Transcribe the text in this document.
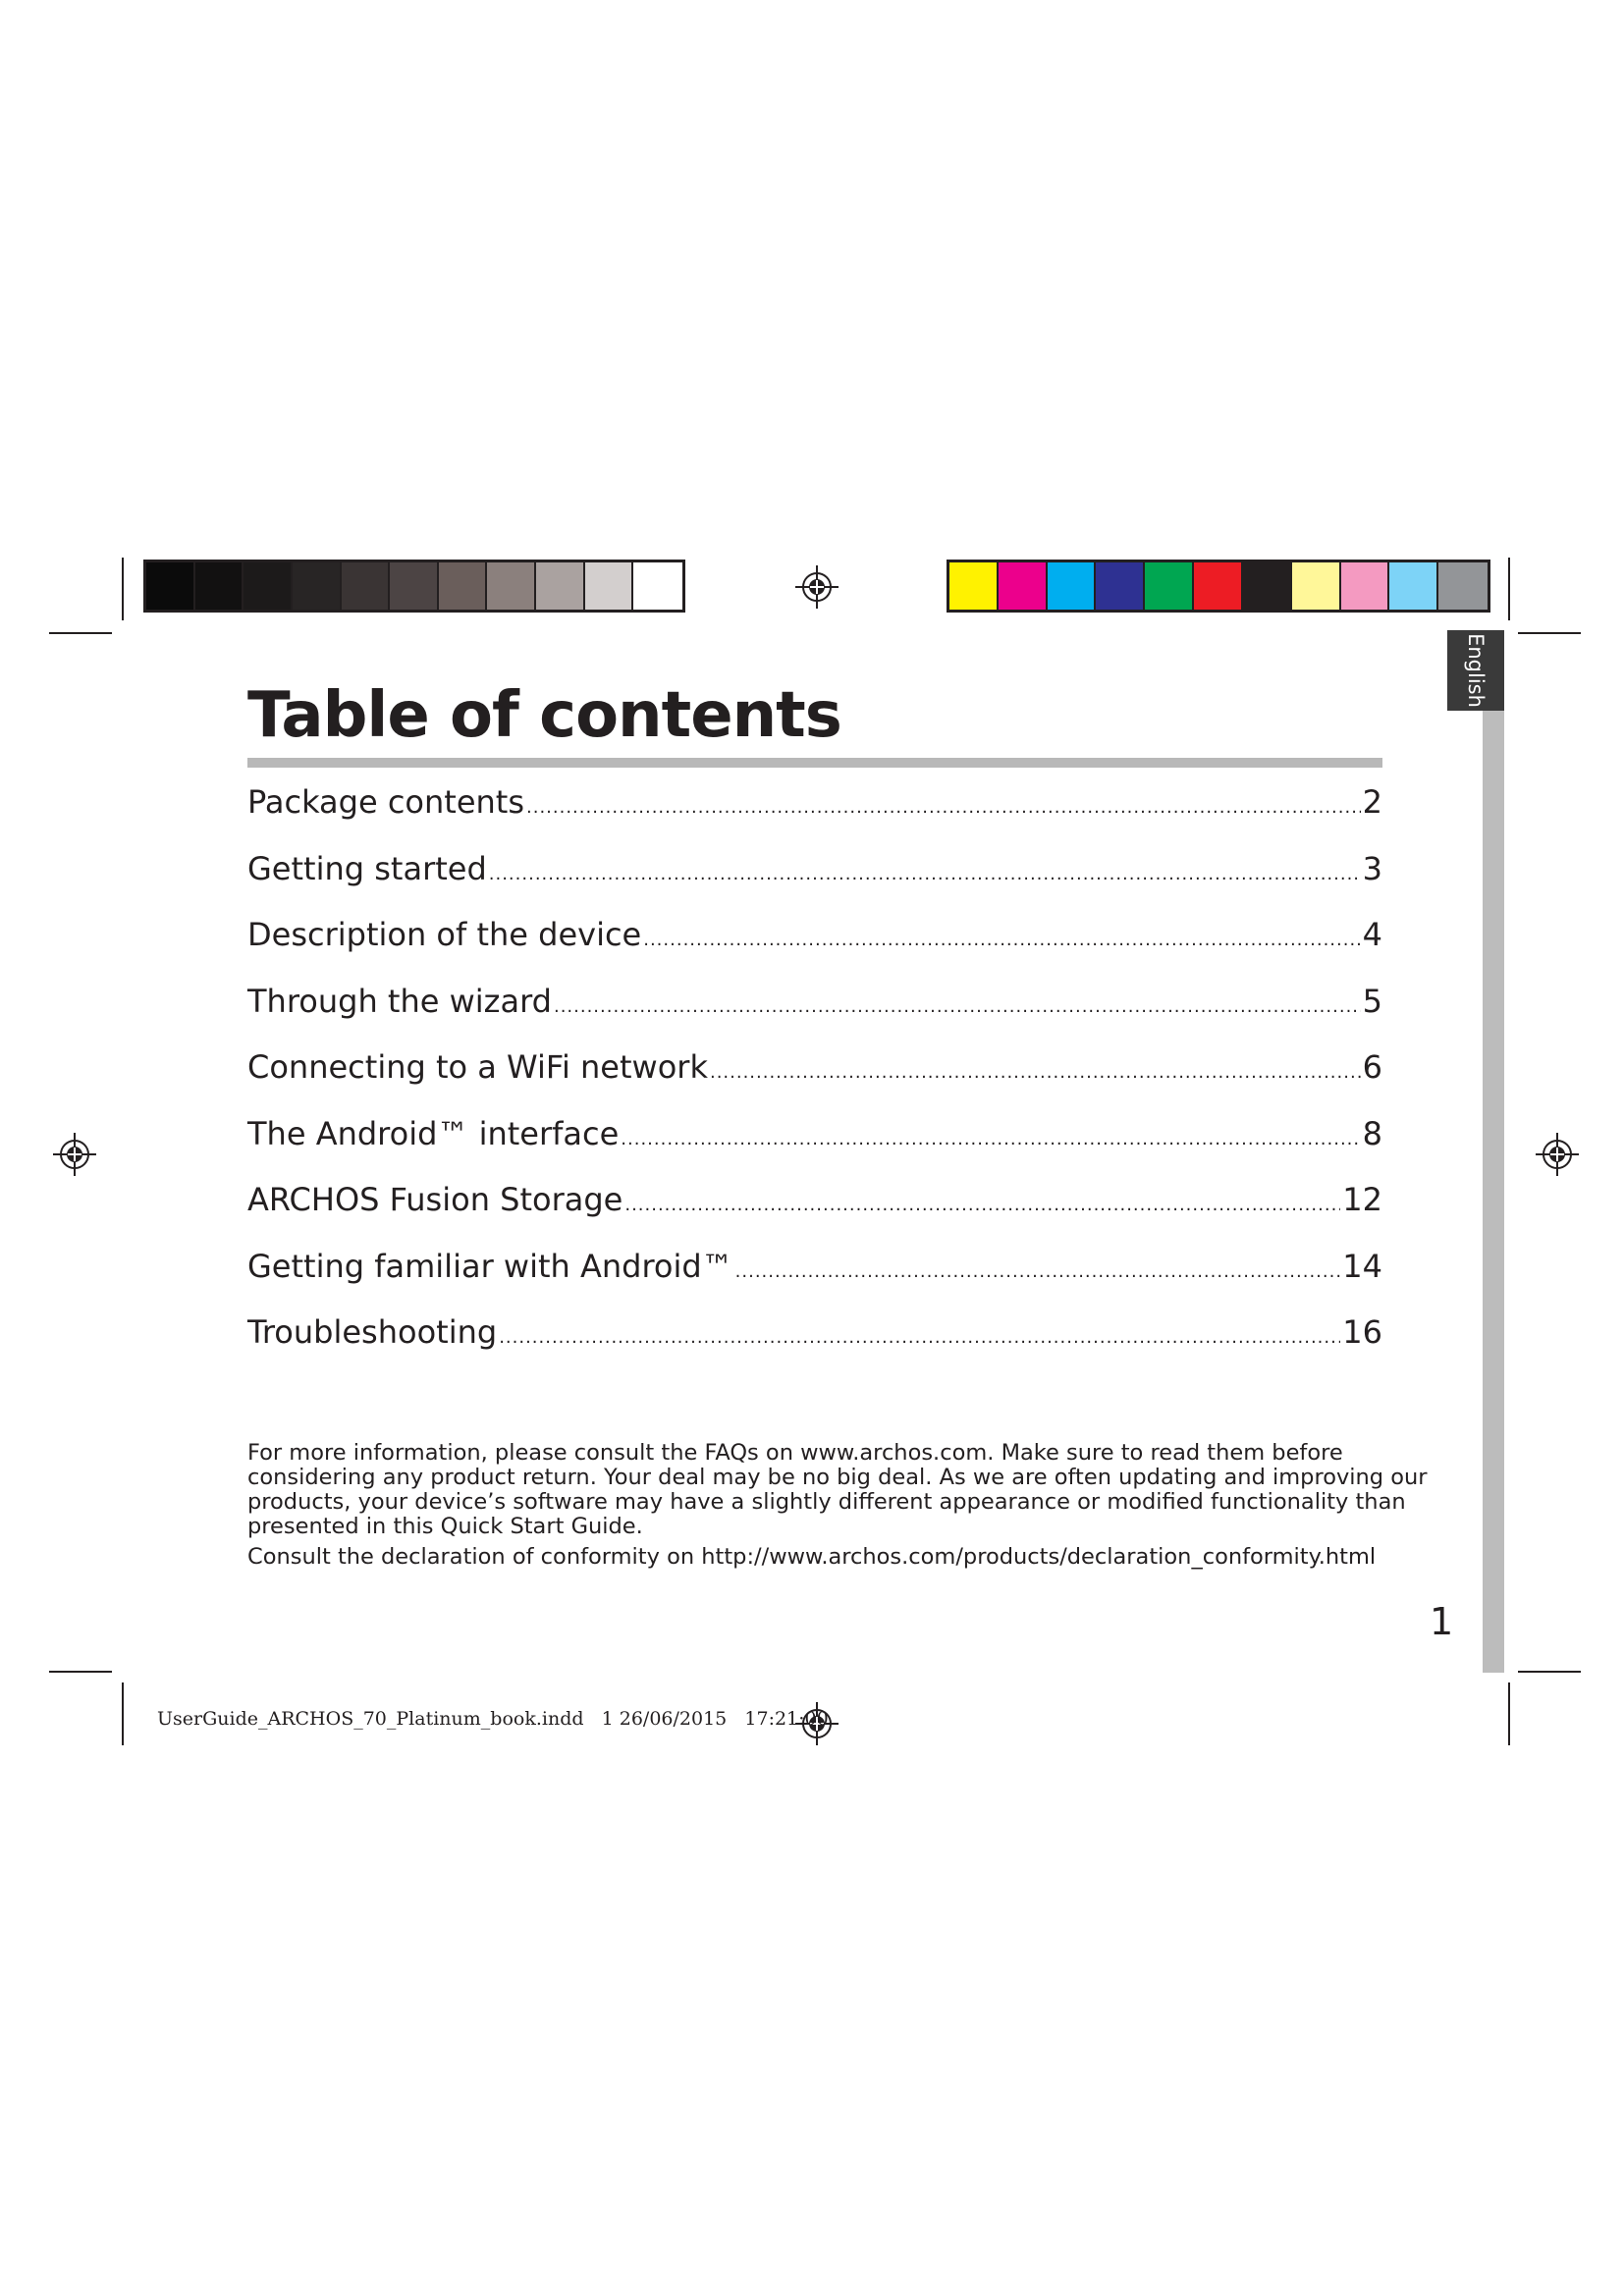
English
Table of contents
Package contents .....	2
Getting started .....	3
Description of the device .....	4
Through the wizard .....	5
Connecting to a WiFi network .....	6
The Android™ interface .....	8
ARCHOS Fusion Storage .....	12
Getting familiar with Android™ .....	14
Troubleshooting .....	16

For more information, please consult the FAQs on www.archos.com. Make sure to read them before considering any product return. Your deal may be no big deal. As we are often updating and improving our products, your device’s software may have a slightly different appearance or modified functionality than presented in this Quick Start Guide.

Consult the declaration of conformity on http://www.archos.com/products/declaration_conformity.html

1
UserGuide_ARCHOS_70_Platinum_book.indd   1 26/06/2015   17:21:00
